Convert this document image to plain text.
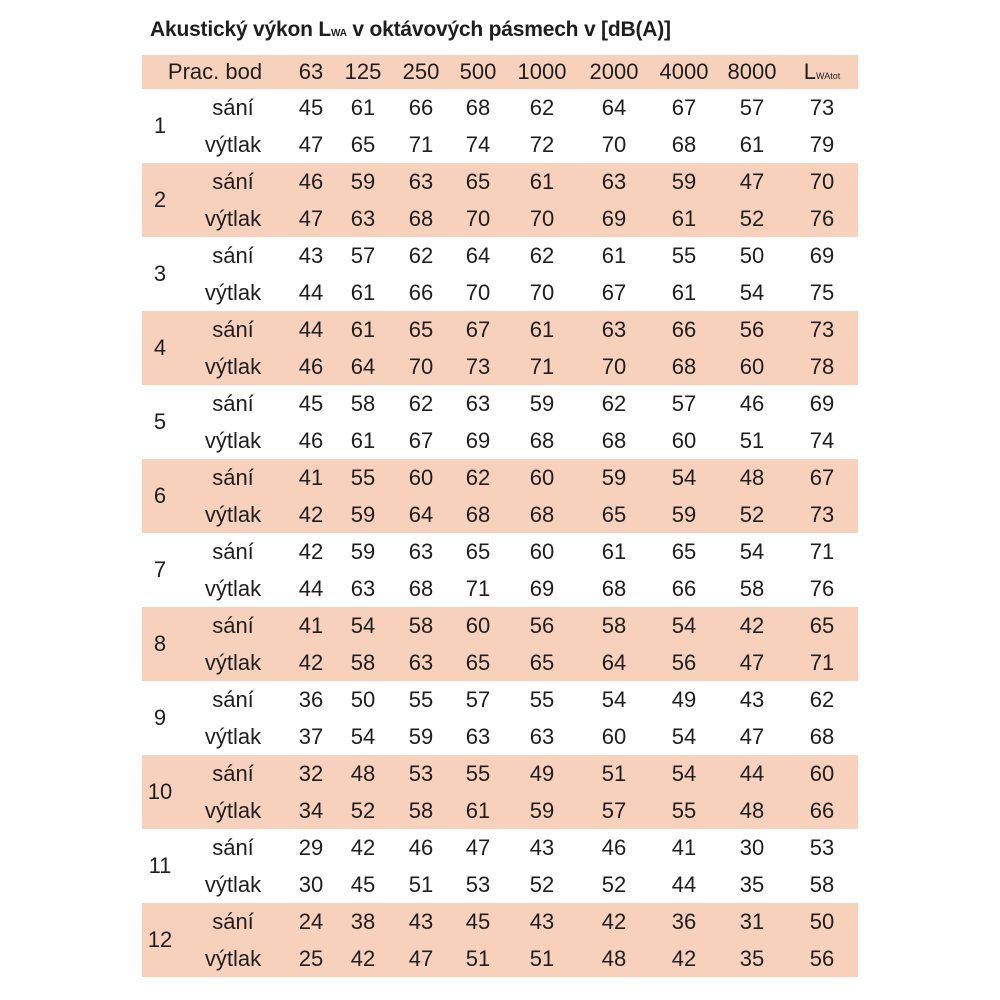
Akustický výkon LWA v oktávových pásmech v [dB(A)]
Prac. bod		63	125	250	500	1000	2000	4000	8000	LWAtot
1	sání	45	61	66	68	62	64	67	57	73
	výtlak	47	65	71	74	72	70	68	61	79
2	sání	46	59	63	65	61	63	59	47	70
	výtlak	47	63	68	70	70	69	61	52	76
3	sání	43	57	62	64	62	61	55	50	69
	výtlak	44	61	66	70	70	67	61	54	75
4	sání	44	61	65	67	61	63	66	56	73
	výtlak	46	64	70	73	71	70	68	60	78
5	sání	45	58	62	63	59	62	57	46	69
	výtlak	46	61	67	69	68	68	60	51	74
6	sání	41	55	60	62	60	59	54	48	67
	výtlak	42	59	64	68	68	65	59	52	73
7	sání	42	59	63	65	60	61	65	54	71
	výtlak	44	63	68	71	69	68	66	58	76
8	sání	41	54	58	60	56	58	54	42	65
	výtlak	42	58	63	65	65	64	56	47	71
9	sání	36	50	55	57	55	54	49	43	62
	výtlak	37	54	59	63	63	60	54	47	68
10	sání	32	48	53	55	49	51	54	44	60
	výtlak	34	52	58	61	59	57	55	48	66
11	sání	29	42	46	47	43	46	41	30	53
	výtlak	30	45	51	53	52	52	44	35	58
12	sání	24	38	43	45	43	42	36	31	50
	výtlak	25	42	47	51	51	48	42	35	56
